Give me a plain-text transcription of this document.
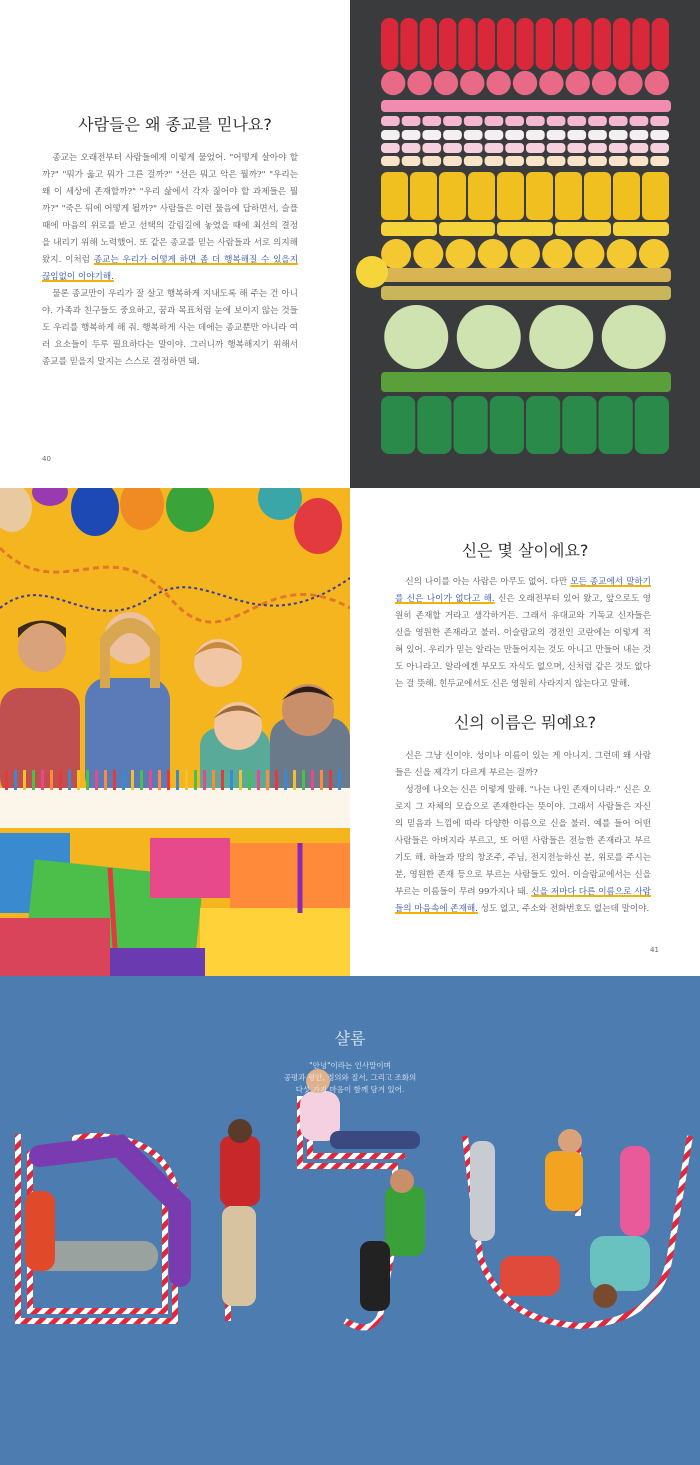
사람들은 왜 종교를 믿나요?

종교는 오래전부터 사람들에게 이렇게 물었어. "어떻게 살아야 할까?" "뭐가 옳고 뭐가 그른 걸까?" "선은 뭐고 악은 뭘까?" "우리는 왜 이 세상에 존재할까?" "우리 삶에서 각자 짊어야 할 과제들은 뭘까?" "죽은 뒤에 어떻게 될까?" 사람들은 이런 물음에 답하면서, 슬플 때에 마음의 위로를 받고 선택의 갈림길에 놓였을 때에 최선의 결정을 내리기 위해 노력했어. 또 같은 종교를 믿는 사람들과 서로 의지해 왔지. 이처럼 종교는 우리가 어떻게 하면 좀 더 행복해질 수 있을지 끊임없이 이야기해.

물론 종교만이 우리가 잘 살고 행복하게 지내도록 해 주는 건 아니야. 가족과 친구들도 중요하고, 꿈과 목표처럼 눈에 보이지 않는 것들도 우리를 행복하게 해 줘. 행복하게 사는 데에는 종교뿐만 아니라 여러 요소들이 두루 필요하다는 말이야. 그러니까 행복해지기 위해서 종교를 믿을지 말지는 스스로 결정하면 돼.

40
신은 몇 살이에요?

신의 나이를 아는 사람은 아무도 없어. 다만 모든 종교에서 말하기를 신은 나이가 없다고 해. 신은 오래전부터 있어 왔고, 앞으로도 영원히 존재할 거라고 생각하거든. 그래서 유대교와 기독교 신자들은 신을 영원한 존재라고 불러. 이슬람교의 경전인 코란에는 이렇게 적혀 있어. 우리가 믿는 알라는 만들어지는 것도 아니고 만들어 내는 것도 아니라고. 알라에겐 부모도 자식도 없으며, 신처럼 같은 것도 없다는 걸 뜻해. 힌두교에서도 신은 영원히 사라지지 않는다고 말해.

신의 이름은 뭐예요?

신은 그냥 신이야. 성이나 이름이 있는 게 아니지. 그런데 왜 사람들은 신을 제각기 다르게 부르는 걸까?

성경에 나오는 신은 이렇게 말해. "나는 나인 존재이니라." 신은 오로지 그 자체의 모습으로 존재한다는 뜻이야. 그래서 사람들은 자신의 믿음과 느낌에 따라 다양한 이름으로 신을 불러. 예를 들어 어떤 사람들은 아버지라 부르고, 또 어떤 사람들은 전능한 존재라고 부르기도 해. 하늘과 땅의 창조주, 주님, 전지전능하신 분, 위로를 주시는 분, 영원한 존재 등으로 부르는 사람들도 있어. 이슬람교에서는 신을 부르는 이름들이 무려 99가지나 돼. 신을 저마다 다른 이름으로 사람들의 마음속에 존재해. 성도 없고, 주소와 전화번호도 없는데 말이야.

41
샬롬
"안녕"이라는 인사말이며
공평과 평안, 정의와 질서, 그리고 조화의
다섯 가지 마음이 함께 담겨 있어.
